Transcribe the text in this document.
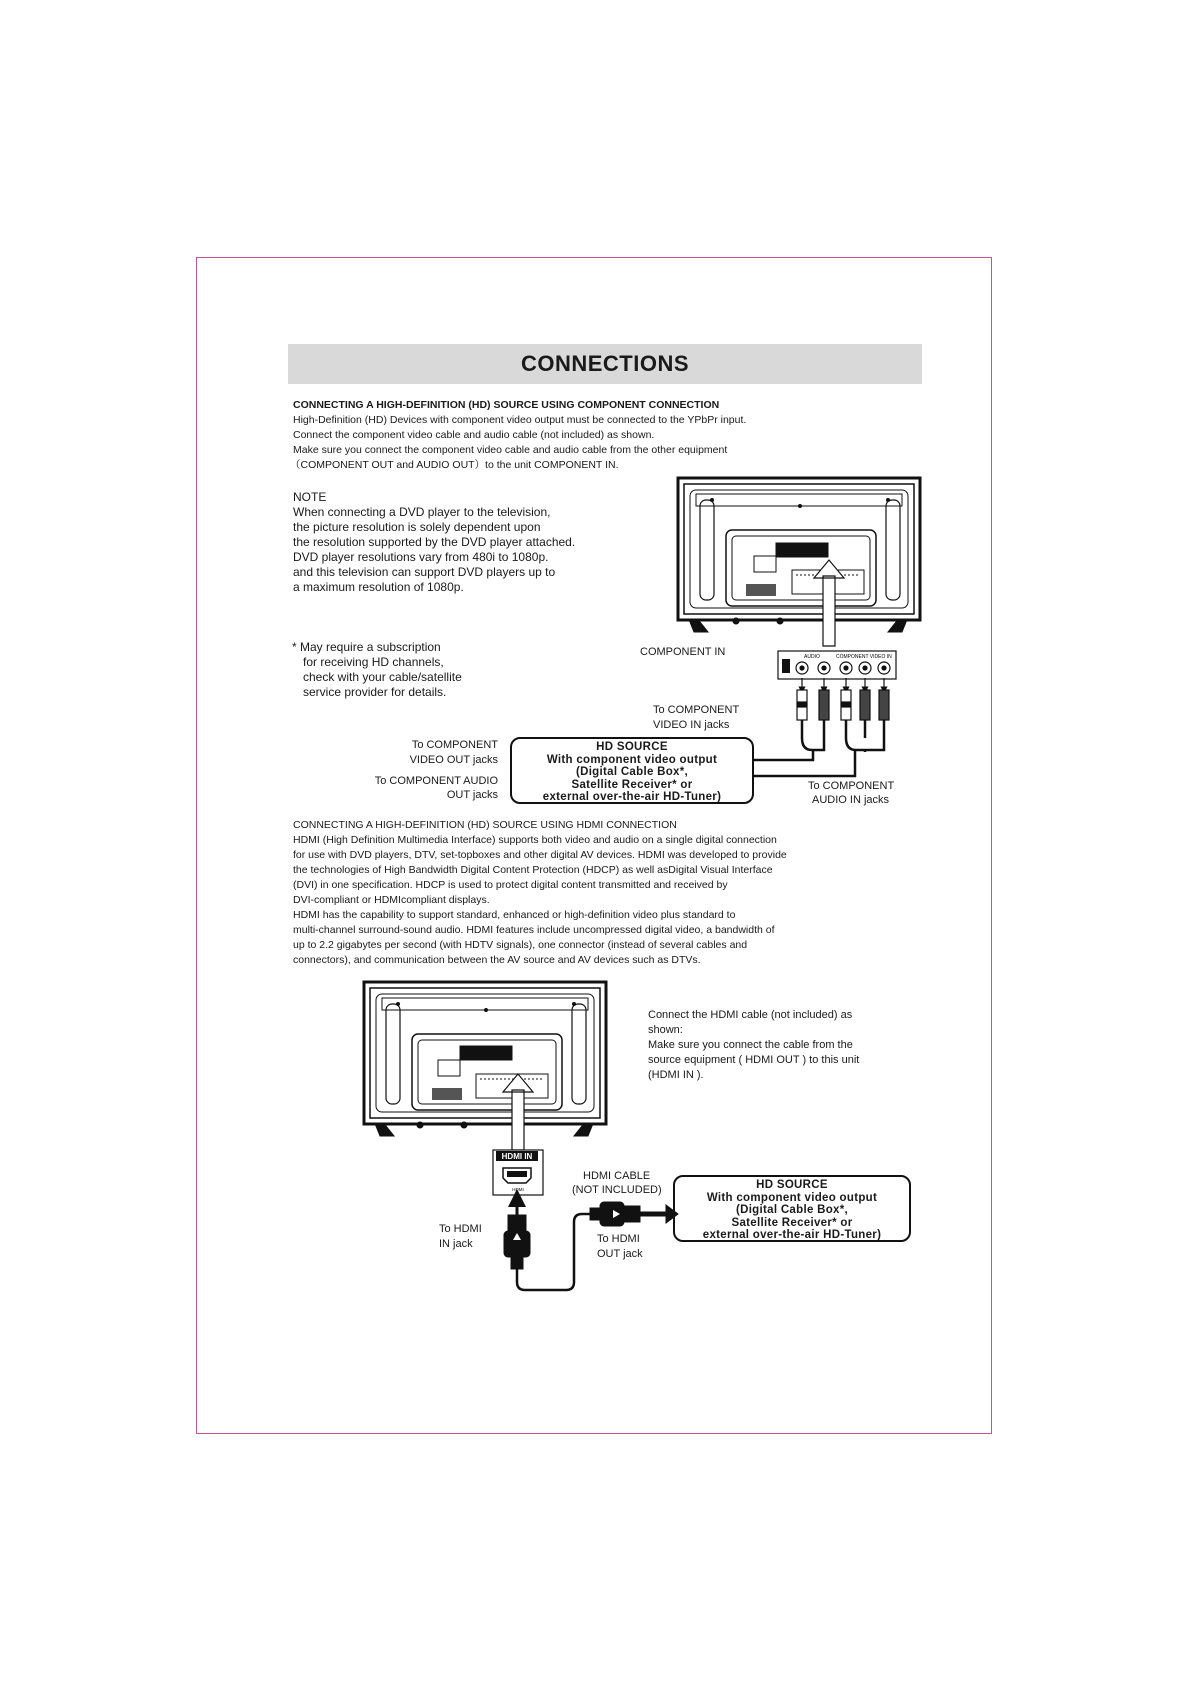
CONNECTIONS
CONNECTING A HIGH-DEFINITION (HD) SOURCE USING COMPONENT CONNECTION
High-Definition (HD) Devices with component video output must be connected to the YPbPr input.
Connect the component video cable and audio cable (not included) as shown.
Make sure you connect the component video cable and audio cable from the other equipment
（COMPONENT OUT and AUDIO OUT）to the unit COMPONENT IN.
NOTE
When connecting a DVD player to the television,
the picture resolution is solely dependent upon
the resolution supported by the DVD player attached.
DVD player resolutions vary from 480i to 1080p.
and this television can support DVD players up to
a maximum resolution of 1080p.
* May require a subscription
for receiving HD channels,
check with your cable/satellite
service provider for details.
AUDIO	COMPONENT VIDEO IN
HDMI IN
HDMI
COMPONENT IN
To COMPONENT
VIDEO IN jacks
To COMPONENT
VIDEO OUT jacks
To COMPONENT AUDIO
OUT jacks
To COMPONENT
AUDIO IN jacks
HD SOURCE
With component video output
(Digital Cable Box*,
Satellite Receiver* or
external over-the-air HD-Tuner)
CONNECTING A HIGH-DEFINITION (HD) SOURCE USING HDMI CONNECTION
HDMI (High Definition Multimedia Interface) supports both video and audio on a single digital connection
for use with DVD players, DTV, set-topboxes and other digital AV devices. HDMI was developed to provide
the technologies of High Bandwidth Digital Content Protection (HDCP) as well asDigital Visual Interface
(DVI) in one specification. HDCP is used to protect digital content transmitted and received by
DVI-compliant or HDMIcompliant displays.
HDMI has the capability to support standard, enhanced or high-definition video plus standard to
multi-channel surround-sound audio. HDMI features include uncompressed digital video, a bandwidth of
up to 2.2 gigabytes per second (with HDTV signals), one connector (instead of several cables and
connectors), and communication between the AV source and AV devices such as DTVs.
Connect the HDMI cable (not included) as
shown:
Make sure you connect the cable from the
source equipment ( HDMI OUT ) to this unit
(HDMI IN ).
HDMI CABLE
(NOT INCLUDED)
To HDMI
IN jack	To HDMI
OUT jack
HD SOURCE
With component video output
(Digital Cable Box*,
Satellite Receiver* or
external over-the-air HD-Tuner)
